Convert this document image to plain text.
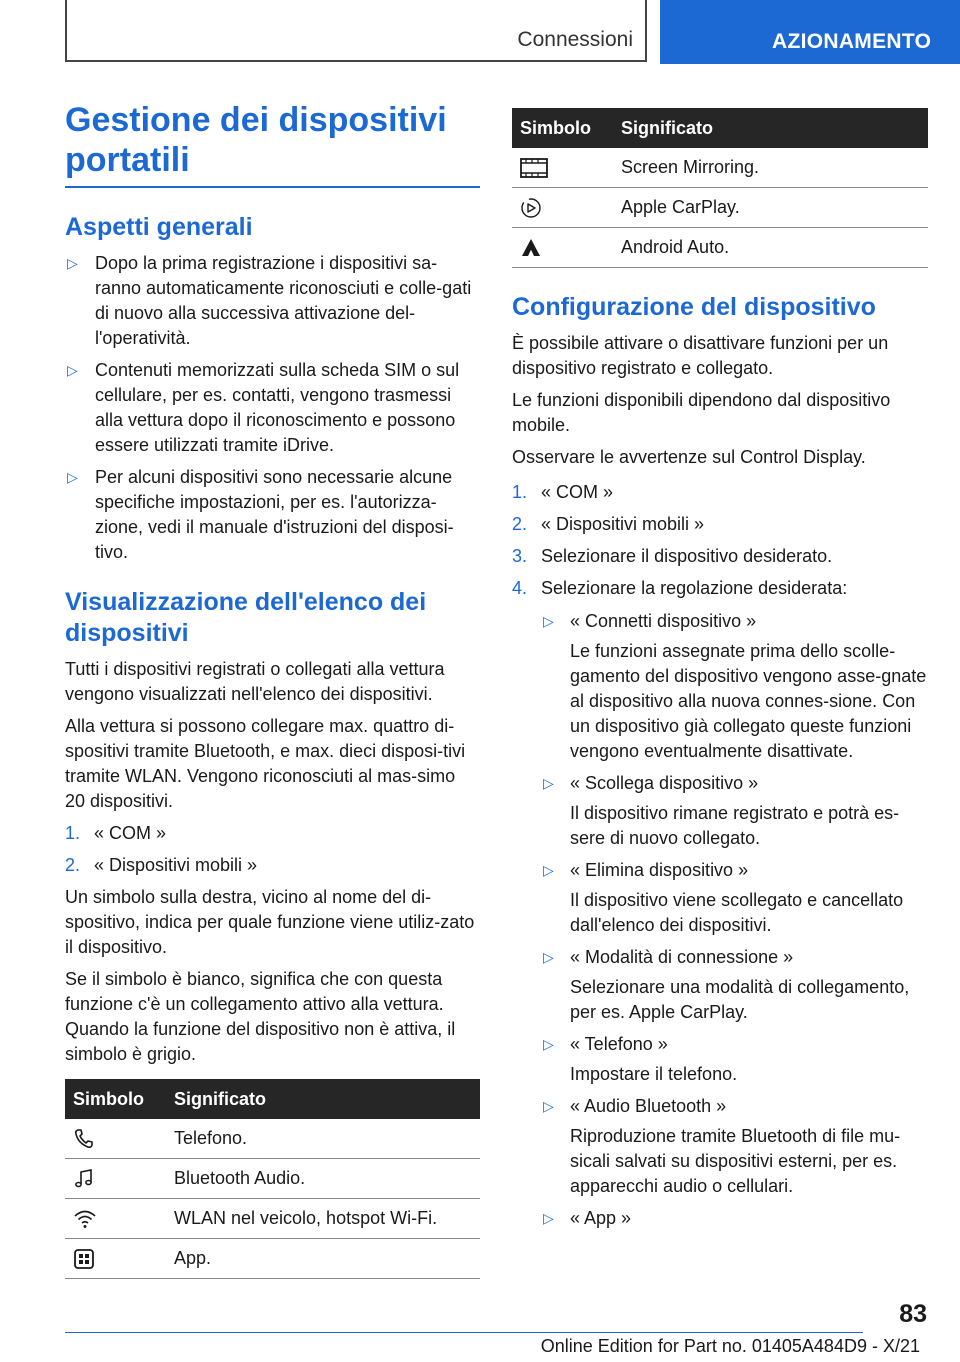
Connessioni	AZIONAMENTO
Gestione dei dispositivi portatili
Aspetti generali
▷ Dopo la prima registrazione i dispositivi sa-ranno automaticamente riconosciuti e colle-gati di nuovo alla successiva attivazione del-l'operatività.
▷ Contenuti memorizzati sulla scheda SIM o sul cellulare, per es. contatti, vengono trasmessi alla vettura dopo il riconoscimento e possono essere utilizzati tramite iDrive.
▷ Per alcuni dispositivi sono necessarie alcune specifiche impostazioni, per es. l'autorizza-zione, vedi il manuale d'istruzioni del disposi-tivo.
Visualizzazione dell'elenco dei dispositivi

Tutti i dispositivi registrati o collegati alla vettura vengono visualizzati nell'elenco dei dispositivi.

Alla vettura si possono collegare max. quattro di-spositivi tramite Bluetooth, e max. dieci disposi-tivi tramite WLAN. Vengono riconosciuti al mas-simo 20 dispositivi.

1. « COM »
2. « Dispositivi mobili »

Un simbolo sulla destra, vicino al nome del di-spositivo, indica per quale funzione viene utiliz-zato il dispositivo.

Se il simbolo è bianco, significa che con questa funzione c'è un collegamento attivo alla vettura. Quando la funzione del dispositivo non è attiva, il simbolo è grigio.

Simbolo	Significato

	Telefono.

	Bluetooth Audio.

	WLAN nel veicolo, hotspot Wi-Fi.

	App.
Simbolo	Significato

	Screen Mirroring.

	Apple CarPlay.

	Android Auto.
Configurazione del dispositivo

È possibile attivare o disattivare funzioni per un dispositivo registrato e collegato.

Le funzioni disponibili dipendono dal dispositivo mobile.

Osservare le avvertenze sul Control Display.

1. « COM »
2. « Dispositivi mobili »
3. Selezionare il dispositivo desiderato.
4. Selezionare la regolazione desiderata:
▷ « Connetti dispositivo »
Le funzioni assegnate prima dello scolle-gamento del dispositivo vengono asse-gnate al dispositivo alla nuova connes-sione. Con un dispositivo già collegato queste funzioni vengono eventualmente disattivate.
▷ « Scollega dispositivo »
Il dispositivo rimane registrato e potrà es-sere di nuovo collegato.
▷ « Elimina dispositivo »
Il dispositivo viene scollegato e cancellato dall'elenco dei dispositivi.
▷ « Modalità di connessione »
Selezionare una modalità di collegamento, per es. Apple CarPlay.
▷ « Telefono »
Impostare il telefono.
▷ « Audio Bluetooth »
Riproduzione tramite Bluetooth di file mu-sicali salvati su dispositivi esterni, per es. apparecchi audio o cellulari.
▷ « App »
83
Online Edition for Part no. 01405A484D9 - X/21
